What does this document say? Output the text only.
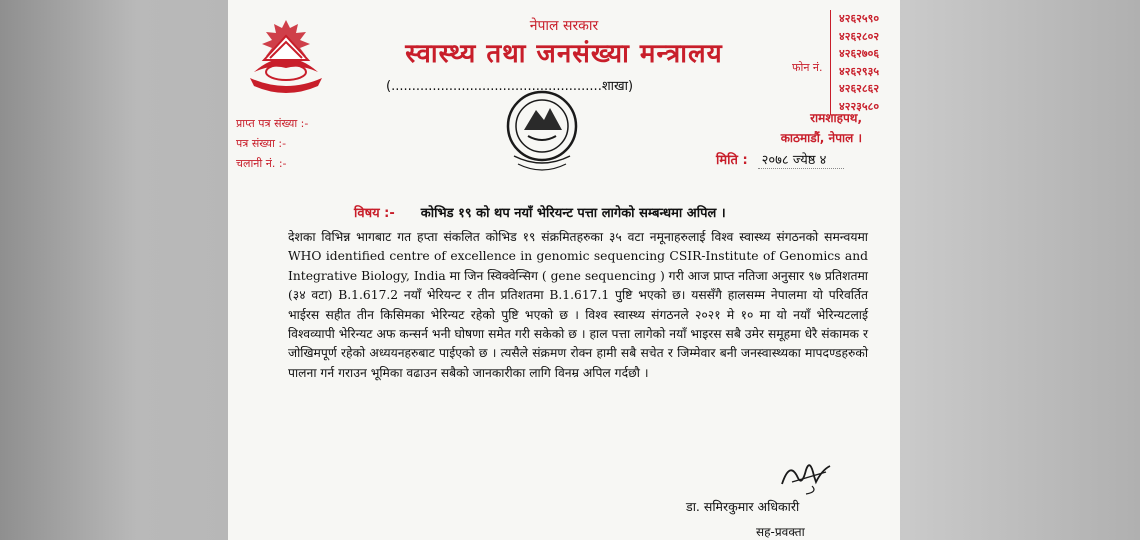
नेपाल सरकार
स्वास्थ्य तथा जनसंख्या मन्त्रालय
(...................................................शाखा)
फोन नं.
४२६२५९०
४२६२८०२
४२६२७०६
४२६२९३५
४२६२८६२
४२२३५८०
प्राप्त पत्र संख्या :-
पत्र संख्या :-
चलानी नं. :-
रामशाहपथ,
काठमाडौं, नेपाल ।
मिति : २०७८ ज्येष्ठ ४
विषय :- कोभिड १९ को थप नयाँ भेरियन्ट पत्ता लागेको सम्बन्धमा अपिल ।
देशका विभिन्न भागबाट गत हप्ता संकलित कोभिड १९ संक्रमितहरुका ३५ वटा नमूनाहरुलाई विश्व स्वास्थ्य संगठनको समन्वयमा WHO identified centre of excellence in genomic sequencing CSIR-Institute of Genomics and Integrative Biology, India मा जिन स्विक्वेन्सिग ( gene sequencing ) गरी आज प्राप्त नतिजा अनुसार ९७ प्रतिशतमा (३४ वटा) B.1.617.2 नयाँ भेरियन्ट र तीन प्रतिशतमा B.1.617.1 पुष्टि भएको छ। यससँगै हालसम्म नेपालमा यो परिवर्तित भाईरस सहीत तीन किसिमका भेरिन्यट रहेको पुष्टि भएको छ । विश्व स्वास्थ्य संगठनले २०२१ मे १० मा यो नयाँ भेरिन्यटलाई विश्वव्यापी भेरिन्यट अफ कन्सर्न भनी घोषणा समेत गरी सकेको छ । हाल पत्ता लागेको नयाँ भाइरस सबै उमेर समूहमा धेरै संकामक र जोखिमपूर्ण रहेको अध्ययनहरुबाट पाईएको छ । त्यसैले संक्रमण रोक्न हामी सबै सचेत र जिम्मेवार बनी जनस्वास्थ्यका मापदण्डहरुको पालना गर्न गराउन भूमिका वढाउन सबैको जानकारीका लागि विनम्र अपिल गर्दछौ ।
डा. समिरकुमार अधिकारी
सह-प्रवक्ता
